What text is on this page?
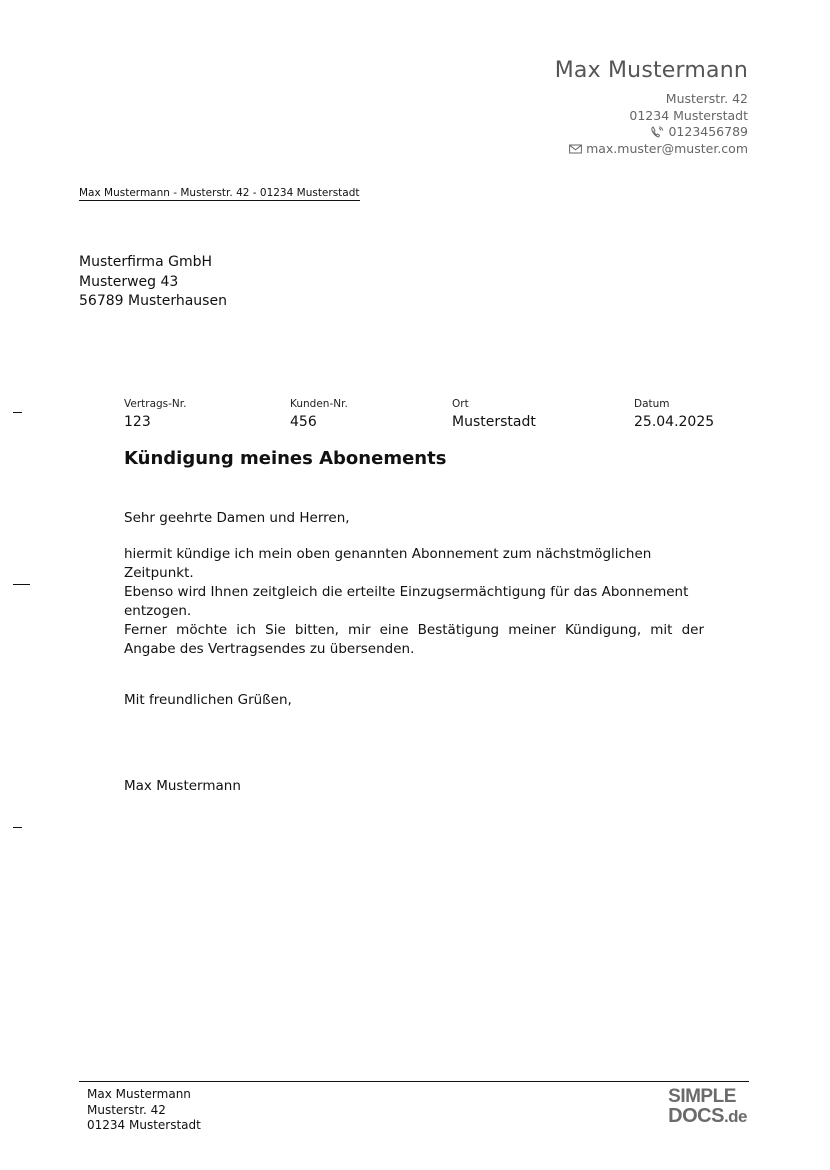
Max Mustermann
Musterstr. 42
01234 Musterstadt
0123456789
max.muster@muster.com
Max Mustermann - Musterstr. 42 - 01234 Musterstadt
Musterfirma GmbH
Musterweg 43
56789 Musterhausen
Vertrags-Nr.
123
Kunden-Nr.
456
Ort
Musterstadt
Datum
25.04.2025
Kündigung meines Abonements
Sehr geehrte Damen und Herren,
hiermit kündige ich mein oben genannten Abonnement zum nächstmöglichen Zeitpunkt.
Ebenso wird Ihnen zeitgleich die erteilte Einzugsermächtigung für das Abonnement entzogen.
Ferner möchte ich Sie bitten, mir eine Bestätigung meiner Kündigung, mit der Angabe des Vertragsendes zu übersenden.
Mit freundlichen Grüßen,
Max Mustermann
Max Mustermann
Musterstr. 42
01234 Musterstadt
SIMPLE
DOCS.de
